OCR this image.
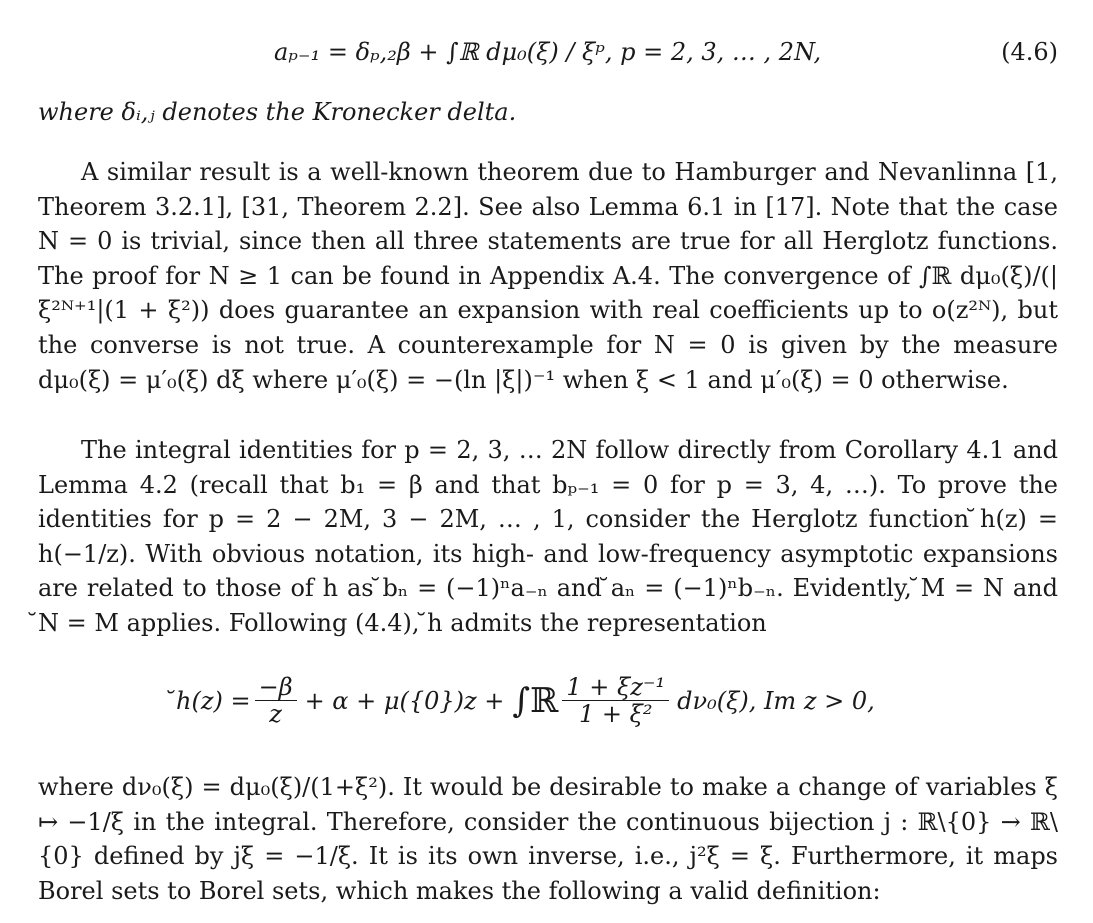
aₚ₋₁ = δₚ,₂β + ∫ℝ dμ₀(ξ) / ξᵖ, p = 2, 3, … , 2N,	(4.6)
where δᵢ,ⱼ denotes the Kronecker delta.

A similar result is a well-known theorem due to Hamburger and Nevanlinna [1, Theorem 3.2.1], [31, Theorem 2.2]. See also Lemma 6.1 in [17]. Note that the case N = 0 is trivial, since then all three statements are true for all Herglotz functions. The proof for N ≥ 1 can be found in Appendix A.4. The convergence of ∫ℝ dμ₀(ξ)/(|ξ²ᴺ⁺¹|(1 + ξ²)) does guarantee an expansion with real coefficients up to o(z²ᴺ), but the converse is not true. A counterexample for N = 0 is given by the measure dμ₀(ξ) = μ′₀(ξ) dξ where μ′₀(ξ) = −(ln |ξ|)⁻¹ when ξ < 1 and μ′₀(ξ) = 0 otherwise.

The integral identities for p = 2, 3, … 2N follow directly from Corollary 4.1 and Lemma 4.2 (recall that b₁ = β and that bₚ₋₁ = 0 for p = 3, 4, …). To prove the identities for p = 2 − 2M, 3 − 2M, … , 1, consider the Herglotz function ̆h(z) = h(−1/z). With obvious notation, its high- and low-frequency asymptotic expansions are related to those of h as ̆bₙ = (−1)ⁿa₋ₙ and ̆aₙ = (−1)ⁿb₋ₙ. Evidently, ̆M = N and ̆N = M applies. Following (4.4), ̆h admits the representation

̆h(z) = $\frac{-\beta}{z} + \alpha + \mu(\{0\})z$ + ∫ℝ $\frac{\text{1 + ξz⁻¹}}{\text{1 + ξ²}} d\nu_0(\xi)$, Im z > 0,

where dν₀(ξ) = dμ₀(ξ)/(1+ξ²). It would be desirable to make a change of variables ξ ↦ −1/ξ in the integral. Therefore, consider the continuous bijection j : ℝ\{0} → ℝ\{0} defined by jξ = −1/ξ. It is its own inverse, i.e., j²ξ = ξ. Furthermore, it maps Borel sets to Borel sets, which makes the following a valid definition:
